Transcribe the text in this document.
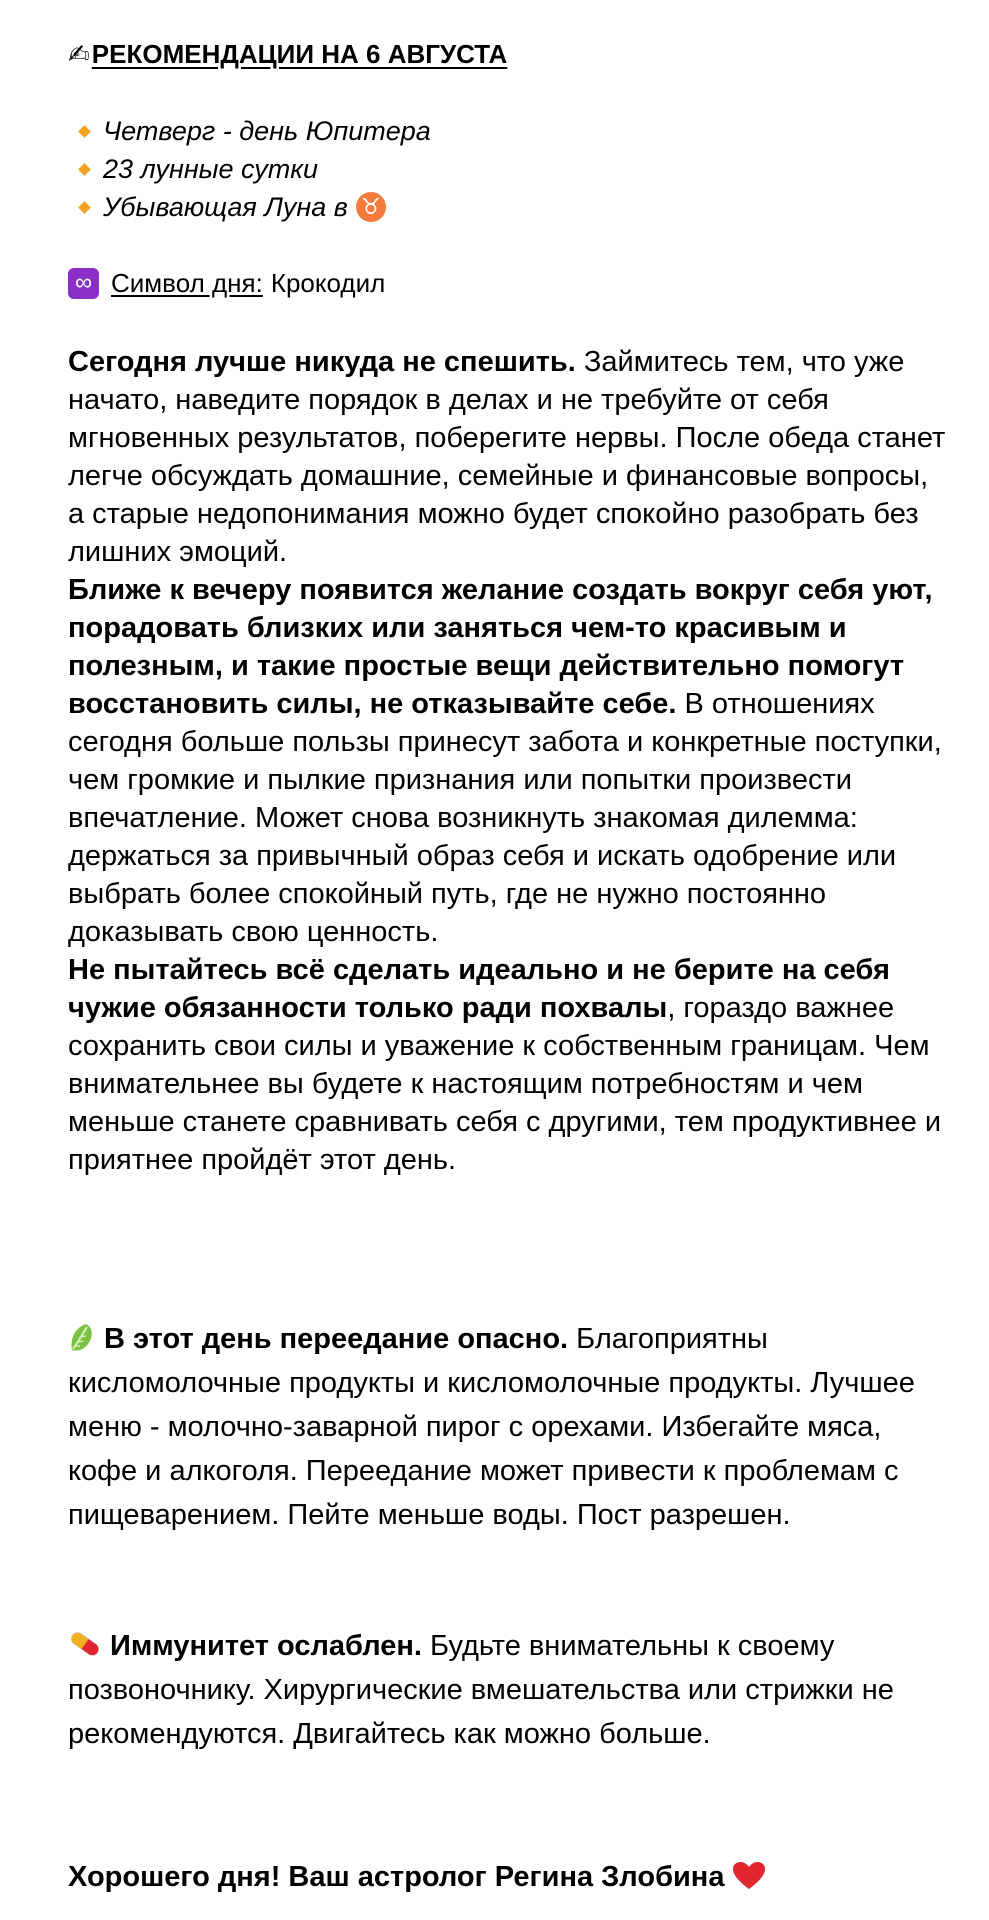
✍РЕКОМЕНДАЦИИ НА 6 АВГУСТА
Четверг - день Юпитера
23 лунные сутки
Убывающая Луна в ♉
∞ Символ дня: Крокодил

Сегодня лучше никуда не спешить. Займитесь тем, что уже начато, наведите порядок в делах и не требуйте от себя мгновенных результатов, поберегите нервы. После обеда станет легче обсуждать домашние, семейные и финансовые вопросы, а старые недопонимания можно будет спокойно разобрать без лишних эмоций.

Ближе к вечеру появится желание создать вокруг себя уют, порадовать близких или заняться чем-то красивым и полезным, и такие простые вещи действительно помогут восстановить силы, не отказывайте себе. В отношениях сегодня больше пользы принесут забота и конкретные поступки, чем громкие и пылкие признания или попытки произвести впечатление. Может снова возникнуть знакомая дилемма: держаться за привычный образ себя и искать одобрение или выбрать более спокойный путь, где не нужно постоянно доказывать свою ценность.

Не пытайтесь всё сделать идеально и не берите на себя чужие обязанности только ради похвалы, гораздо важнее сохранить свои силы и уважение к собственным границам. Чем внимательнее вы будете к настоящим потребностям и чем меньше станете сравнивать себя с другими, тем продуктивнее и приятнее пройдёт этот день.

В этот день переедание опасно. Благоприятны кисломолочные продукты и кисломолочные продукты. Лучшее меню - молочно-заварной пирог с орехами. Избегайте мяса, кофе и алкоголя. Переедание может привести к проблемам с пищеварением. Пейте меньше воды. Пост разрешен.

Иммунитет ослаблен. Будьте внимательны к своему позвоночнику. Хирургические вмешательства или стрижки не рекомендуются. Двигайтесь как можно больше.

Хорошего дня! Ваш астролог Регина Злобина
